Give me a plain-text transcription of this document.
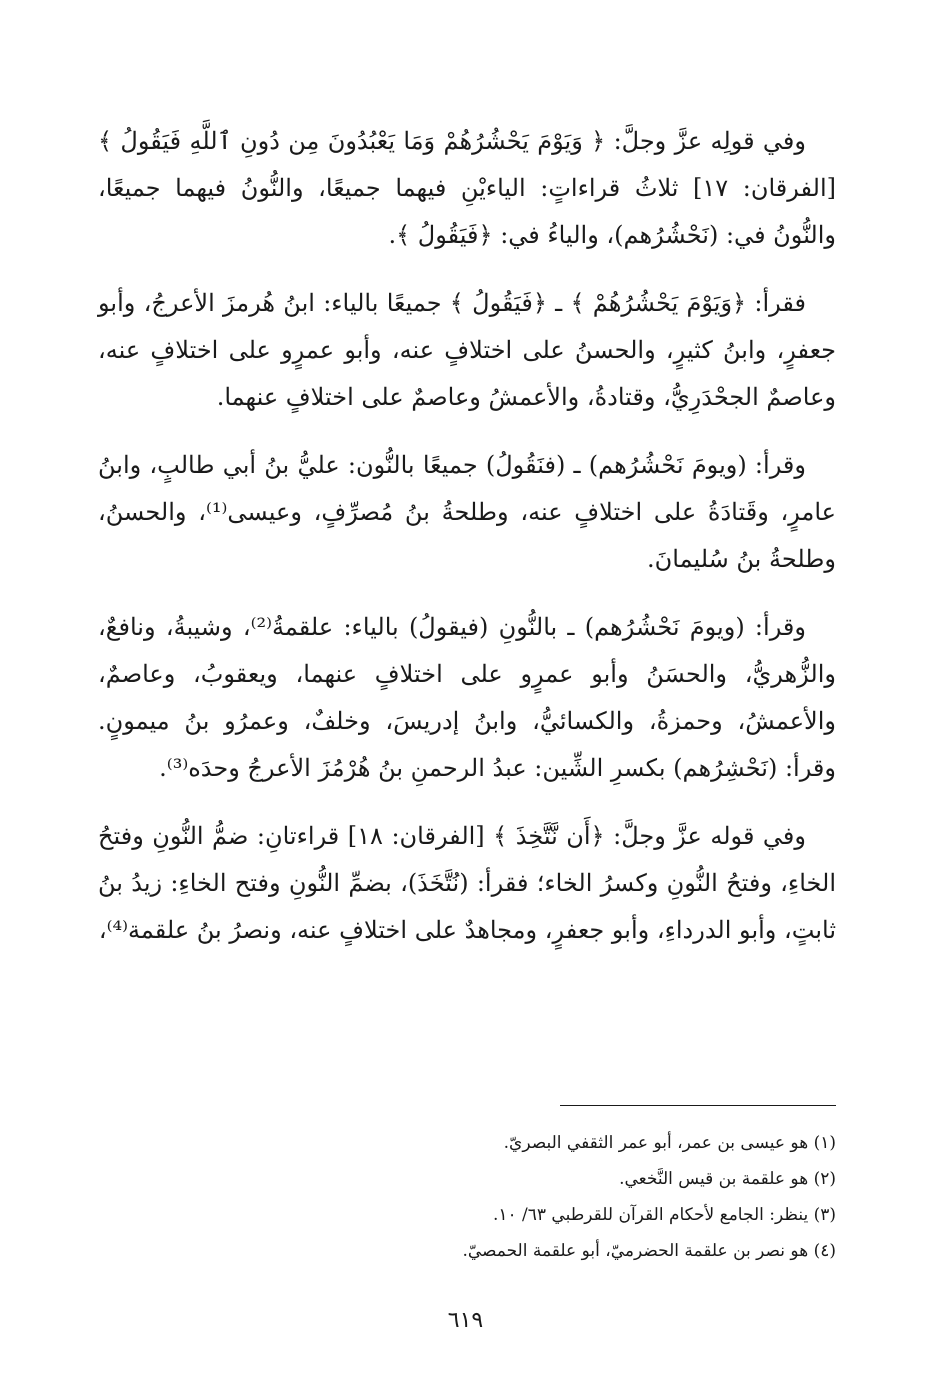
وفي قولِه عزَّ وجلَّ: ﴿ وَيَوْمَ يَحْشُرُهُمْ وَمَا يَعْبُدُونَ مِن دُونِ ٱللَّهِ فَيَقُولُ ﴾ [الفرقان: ١٧] ثلاثُ قراءاتٍ: الياءيْنِ فيهما جميعًا، والنُّونُ فيهما جميعًا، والنُّونُ في: (نَحْشُرُهم)، والياءُ في: ﴿فَيَقُولُ ﴾.

فقرأ: ﴿وَيَوْمَ يَحْشُرُهُمْ ﴾ ـ ﴿فَيَقُولُ ﴾ جميعًا بالياء: ابنُ هُرمزَ الأعرجُ، وأبو جعفرٍ، وابنُ كثيرٍ، والحسنُ على اختلافٍ عنه، وأبو عمرٍو على اختلافٍ عنه، وعاصمٌ الجحْدَرِيُّ، وقتادةُ، والأعمشُ وعاصمٌ على اختلافٍ عنهما.

وقرأ: (ويومَ نَحْشُرُهم) ـ (فنَقُولُ) جميعًا بالنُّون: عليُّ بنُ أبي طالبٍ، وابنُ عامرٍ، وقَتادَةُ على اختلافٍ عنه، وطلحةُ بنُ مُصرِّفٍ، وعيسى⁽¹⁾، والحسنُ، وطلحةُ بنُ سُليمانَ.

وقرأ: (ويومَ نَحْشُرُهم) ـ بالنُّونِ (فيقولُ) بالياء: علقمةُ⁽²⁾، وشيبةُ، ونافعٌ، والزُّهريُّ، والحسَنُ وأبو عمرٍو على اختلافٍ عنهما، ويعقوبُ، وعاصمٌ، والأعمشُ، وحمزةُ، والكسائيُّ، وابنُ إدريسَ، وخلفٌ، وعمرُو بنُ ميمونٍ. وقرأ: (نَحْشِرُهم) بكسرِ الشِّين: عبدُ الرحمنِ بنُ هُرْمُزَ الأعرجُ وحدَه⁽³⁾.

وفي قوله عزَّ وجلَّ: ﴿أَن نَّتَّخِذَ ﴾ [الفرقان: ١٨] قراءتانِ: ضمُّ النُّونِ وفتحُ الخاءِ، وفتحُ النُّونِ وكسرُ الخاء؛ فقرأ: (نُتَّخَذَ)، بضمِّ النُّونِ وفتح الخاءِ: زيدُ بنُ ثابتٍ، وأبو الدرداءِ، وأبو جعفرٍ، ومجاهدٌ على اختلافٍ عنه، ونصرُ بنُ علقمة⁽⁴⁾،

(١) هو عيسى بن عمر، أبو عمر الثقفي البصريّ.

(٢) هو علقمة بن قيس النَّخعي.

(٣) ينظر: الجامع لأحكام القرآن للقرطبي ٦٣/ ١٠.

(٤) هو نصر بن علقمة الحضرميّ، أبو علقمة الحمصيّ.

٦١٩
